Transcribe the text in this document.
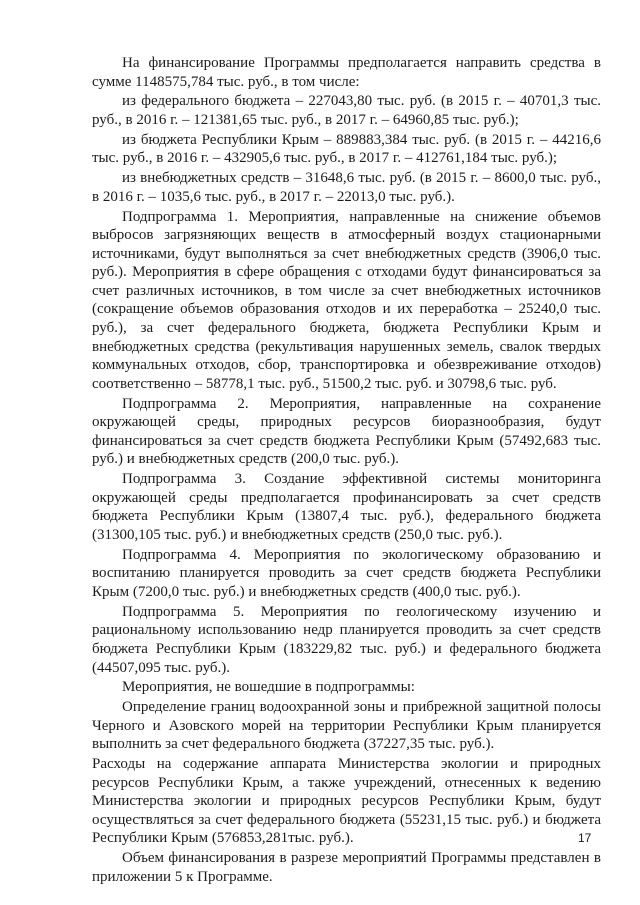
На финансирование Программы предполагается направить средства в сумме 1148575,784 тыс. руб., в том числе:

из федерального бюджета – 227043,80 тыс. руб. (в 2015 г. – 40701,3 тыс. руб., в 2016 г. – 121381,65 тыс. руб., в 2017 г. – 64960,85 тыс. руб.);

из бюджета Республики Крым – 889883,384 тыс. руб. (в 2015 г. – 44216,6 тыс. руб., в 2016 г. – 432905,6 тыс. руб., в 2017 г. – 412761,184 тыс. руб.);

из внебюджетных средств – 31648,6 тыс. руб. (в 2015 г. – 8600,0 тыс. руб., в 2016 г. – 1035,6 тыс. руб., в 2017 г. – 22013,0 тыс. руб.).

Подпрограмма 1. Мероприятия, направленные на снижение объемов выбросов загрязняющих веществ в атмосферный воздух стационарными источниками, будут выполняться за счет внебюджетных средств (3906,0 тыс. руб.). Мероприятия в сфере обращения с отходами будут финансироваться за счет различных источников, в том числе за счет внебюджетных источников (сокращение объемов образования отходов и их переработка – 25240,0 тыс. руб.), за счет федерального бюджета, бюджета Республики Крым и внебюджетных средства (рекультивация нарушенных земель, свалок твердых коммунальных отходов, сбор, транспортировка и обезвреживание отходов) соответственно – 58778,1 тыс. руб., 51500,2 тыс. руб. и 30798,6 тыс. руб.

Подпрограмма 2. Мероприятия, направленные на сохранение окружающей среды, природных ресурсов биоразнообразия, будут финансироваться за счет средств бюджета Республики Крым (57492,683 тыс. руб.) и внебюджетных средств (200,0 тыс. руб.).

Подпрограмма 3. Создание эффективной системы мониторинга окружающей среды предполагается профинансировать за счет средств бюджета Республики Крым (13807,4 тыс. руб.), федерального бюджета (31300,105 тыс. руб.) и внебюджетных средств (250,0 тыс. руб.).

Подпрограмма 4. Мероприятия по экологическому образованию и воспитанию планируется проводить за счет средств бюджета Республики Крым (7200,0 тыс. руб.) и внебюджетных средств (400,0 тыс. руб.).

Подпрограмма 5. Мероприятия по геологическому изучению и рациональному использованию недр планируется проводить за счет средств бюджета Республики Крым (183229,82 тыс. руб.) и федерального бюджета (44507,095 тыс. руб.).

Мероприятия, не вошедшие в подпрограммы:

Определение границ водоохранной зоны и прибрежной защитной полосы Черного и Азовского морей на территории Республики Крым планируется выполнить за счет федерального бюджета (37227,35 тыс. руб.).

Расходы на содержание аппарата Министерства экологии и природных ресурсов Республики Крым, а также учреждений, отнесенных к ведению Министерства экологии и природных ресурсов Республики Крым, будут осуществляться за счет федерального бюджета (55231,15 тыс. руб.) и бюджета Республики Крым (576853,281тыс. руб.).

Объем финансирования в разрезе мероприятий Программы представлен в приложении 5 к Программе.

17
